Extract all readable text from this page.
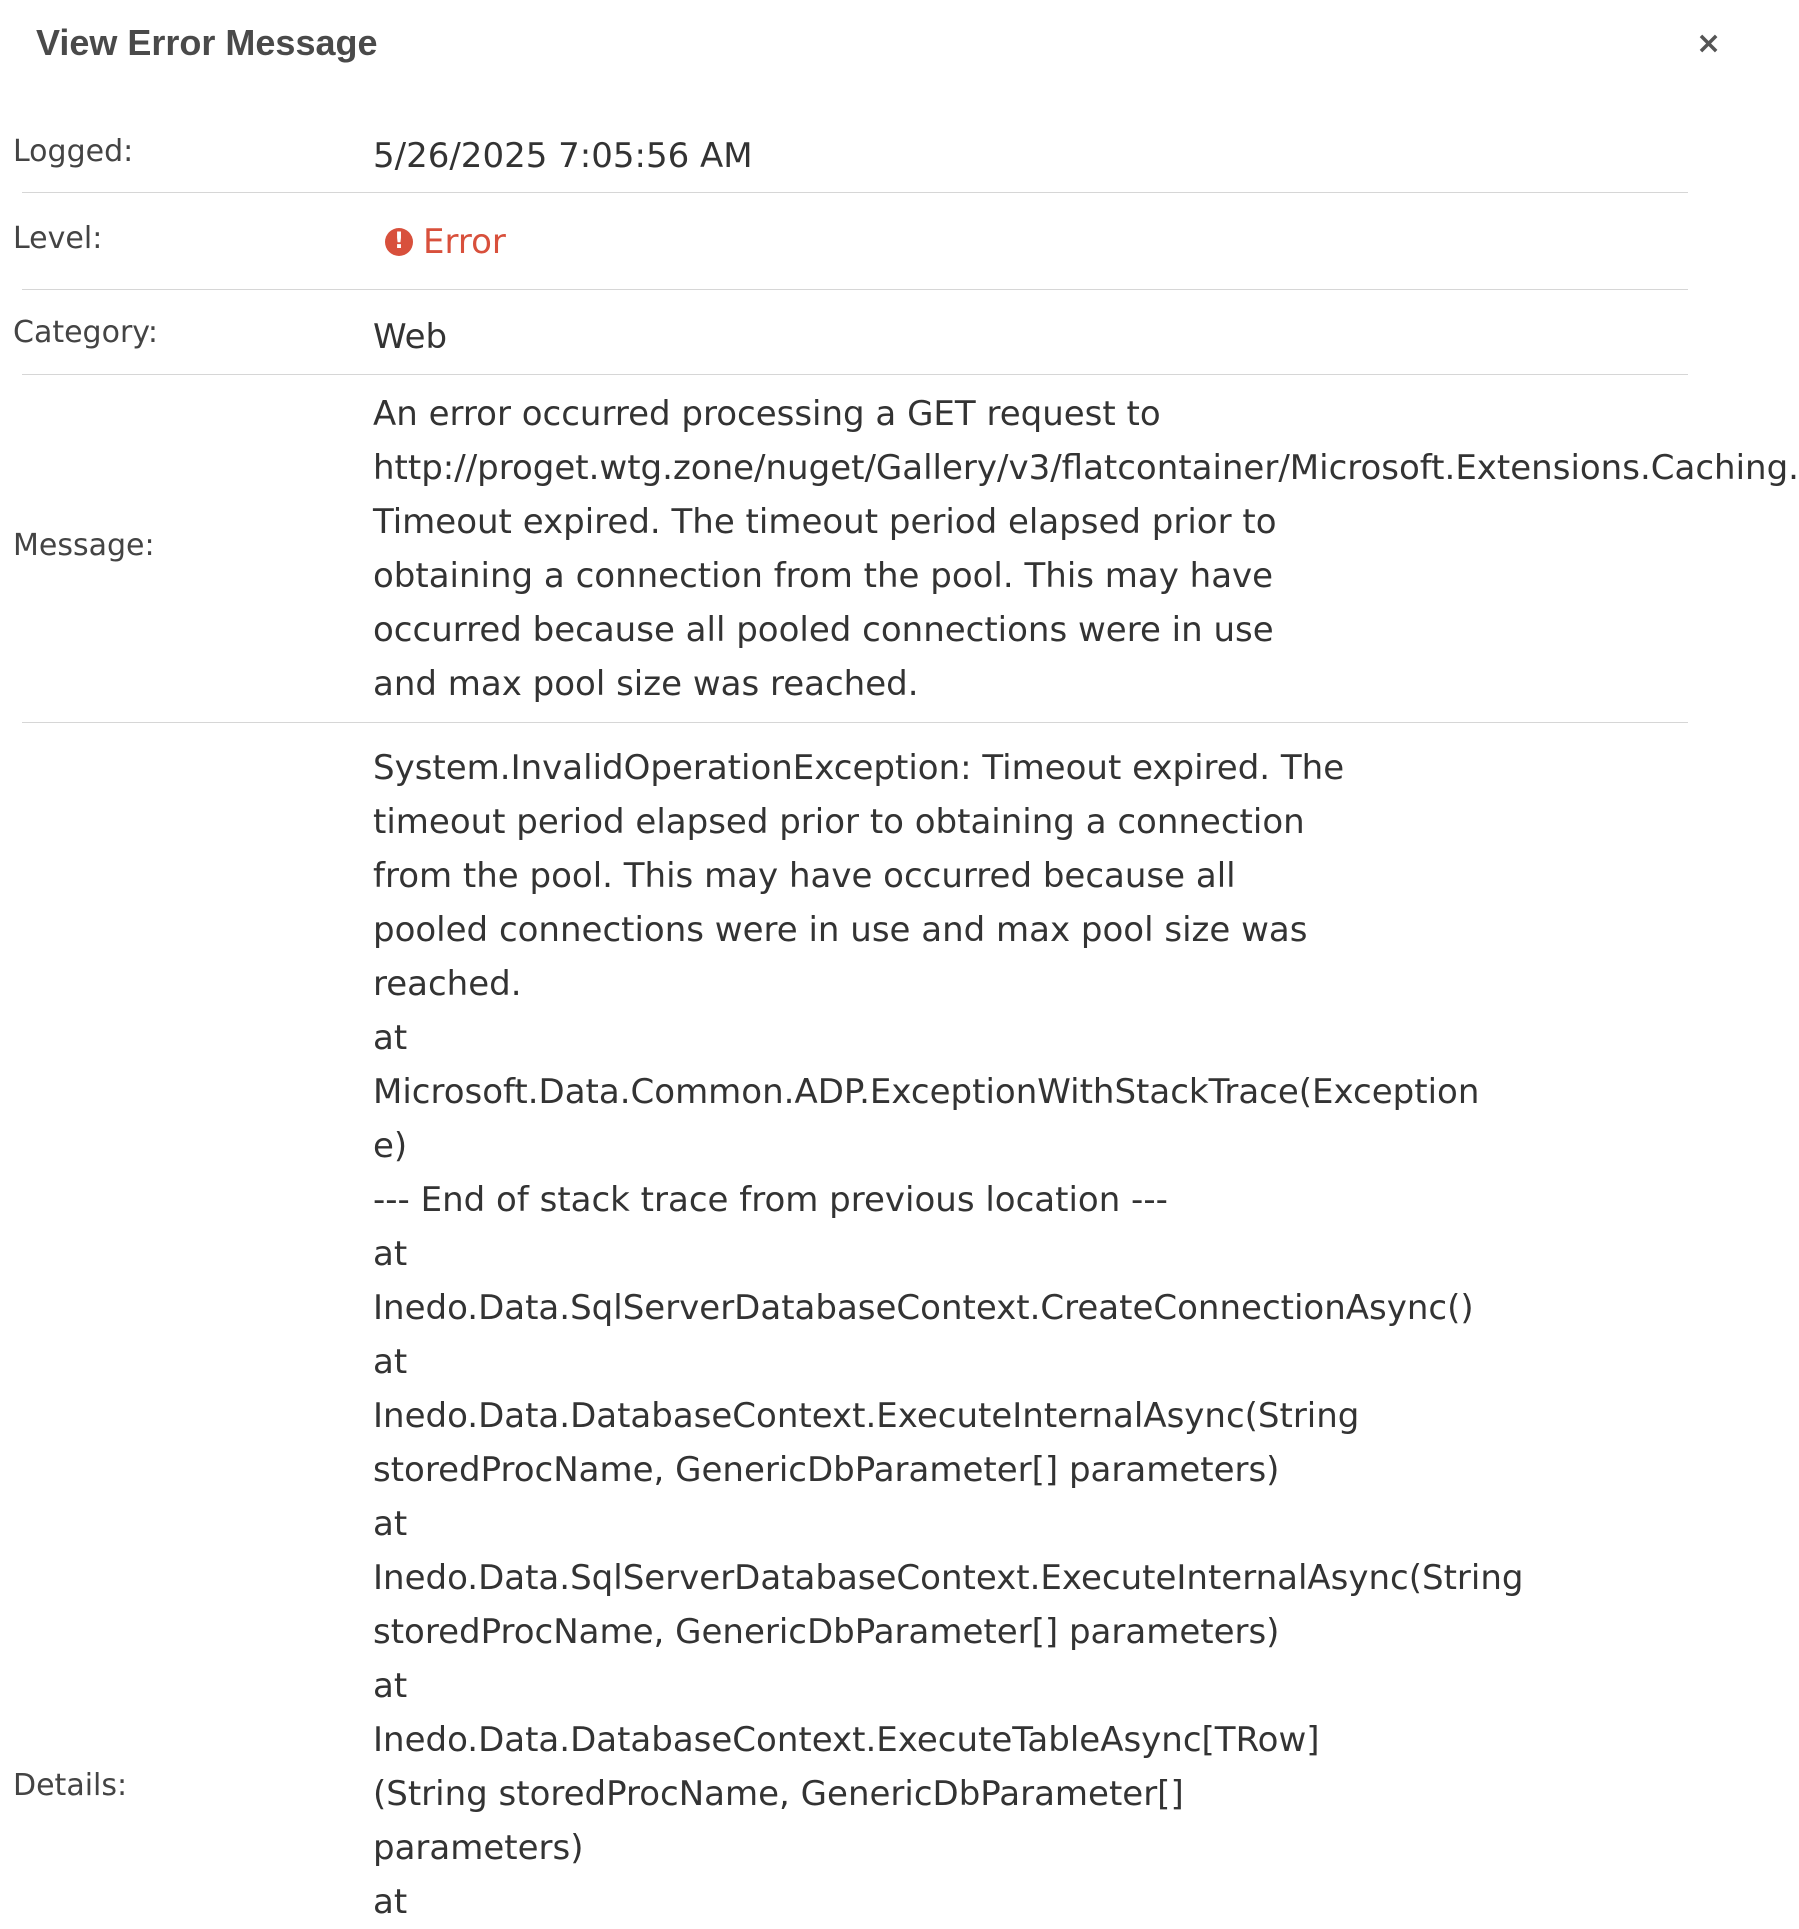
View Error Message	×
Logged:	5/26/2025 7:05:56 AM
Level:	! Error
Category:	Web
Message:
An error occurred processing a GET request to
http://proget.wtg.zone/nuget/Gallery/v3/flatcontainer/Microsoft.Extensions.Caching.
Timeout expired. The timeout period elapsed prior to
obtaining a connection from the pool. This may have
occurred because all pooled connections were in use
and max pool size was reached.
Details:
System.InvalidOperationException: Timeout expired. The
timeout period elapsed prior to obtaining a connection
from the pool. This may have occurred because all
pooled connections were in use and max pool size was
reached.
at
Microsoft.Data.Common.ADP.ExceptionWithStackTrace(Exception
e)
--- End of stack trace from previous location ---
at
Inedo.Data.SqlServerDatabaseContext.CreateConnectionAsync()
at
Inedo.Data.DatabaseContext.ExecuteInternalAsync(String
storedProcName, GenericDbParameter[] parameters)
at
Inedo.Data.SqlServerDatabaseContext.ExecuteInternalAsync(String
storedProcName, GenericDbParameter[] parameters)
at
Inedo.Data.DatabaseContext.ExecuteTableAsync[TRow]
(String storedProcName, GenericDbParameter[]
parameters)
at
